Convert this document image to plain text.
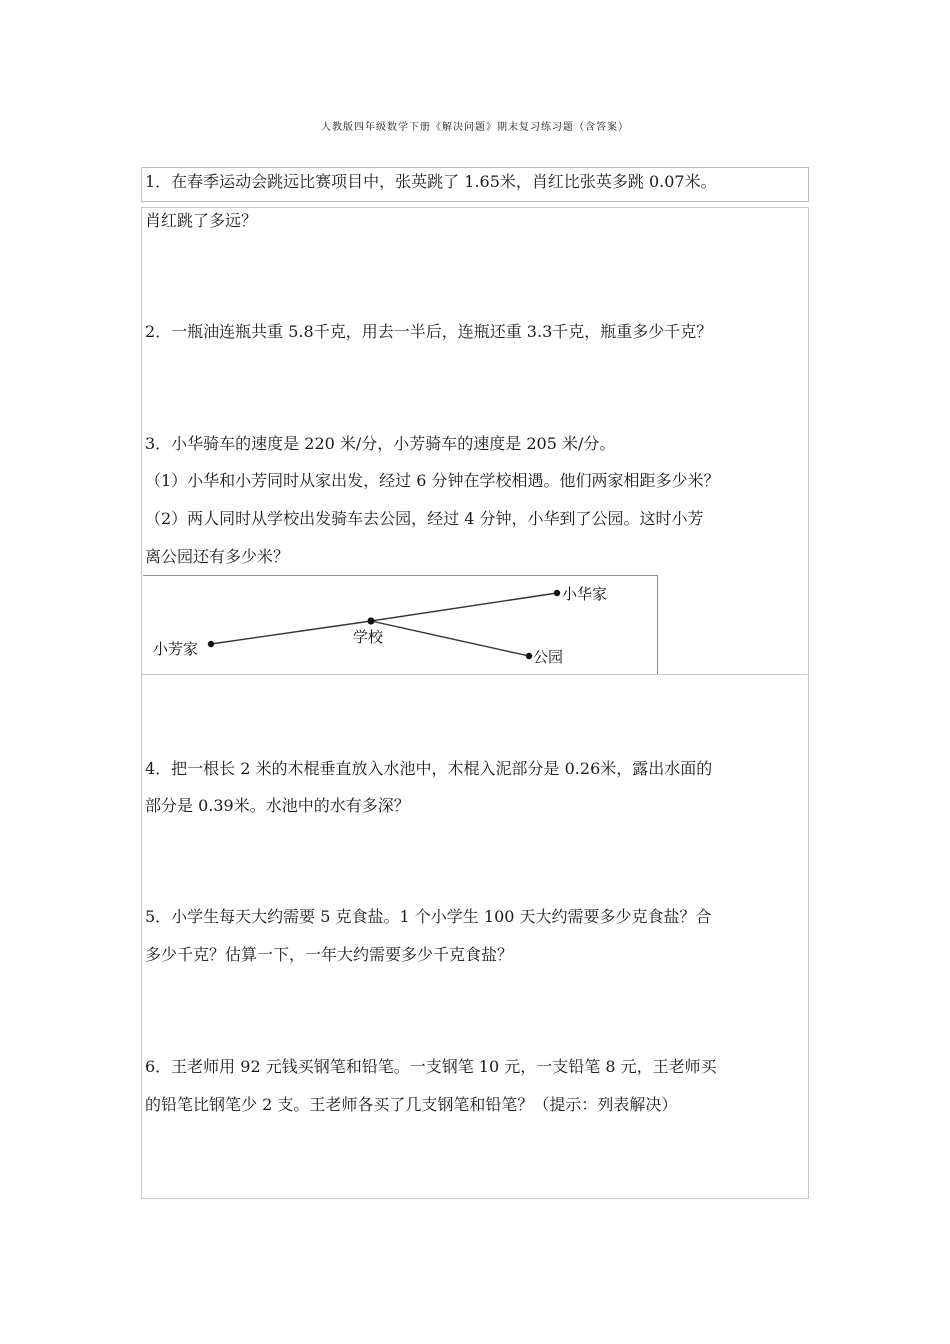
人教版四年级数学下册《解决问题》期末复习练习题（含答案）
1．在春季运动会跳远比赛项目中，张英跳了 1.65米，肖红比张英多跳 0.07米。
肖红跳了多远？
2．一瓶油连瓶共重 5.8千克，用去一半后，连瓶还重 3.3千克，瓶重多少千克？
3．小华骑车的速度是 220 米/分，小芳骑车的速度是 205 米/分。
（1）小华和小芳同时从家出发，经过 6 分钟在学校相遇。他们两家相距多少米？
（2）两人同时从学校出发骑车去公园，经过 4 分钟，小华到了公园。这时小芳
离公园还有多少米？
小芳家
学校
小华家
公园
4．把一根长 2 米的木棍垂直放入水池中，木棍入泥部分是 0.26米，露出水面的
部分是 0.39米。水池中的水有多深？
5．小学生每天大约需要 5 克食盐。1 个小学生 100 天大约需要多少克食盐？合
多少千克？估算一下，一年大约需要多少千克食盐？
6．王老师用 92 元钱买钢笔和铅笔。一支钢笔 10 元，一支铅笔 8 元，王老师买
的铅笔比钢笔少 2 支。王老师各买了几支钢笔和铅笔？（提示：列表解决）
